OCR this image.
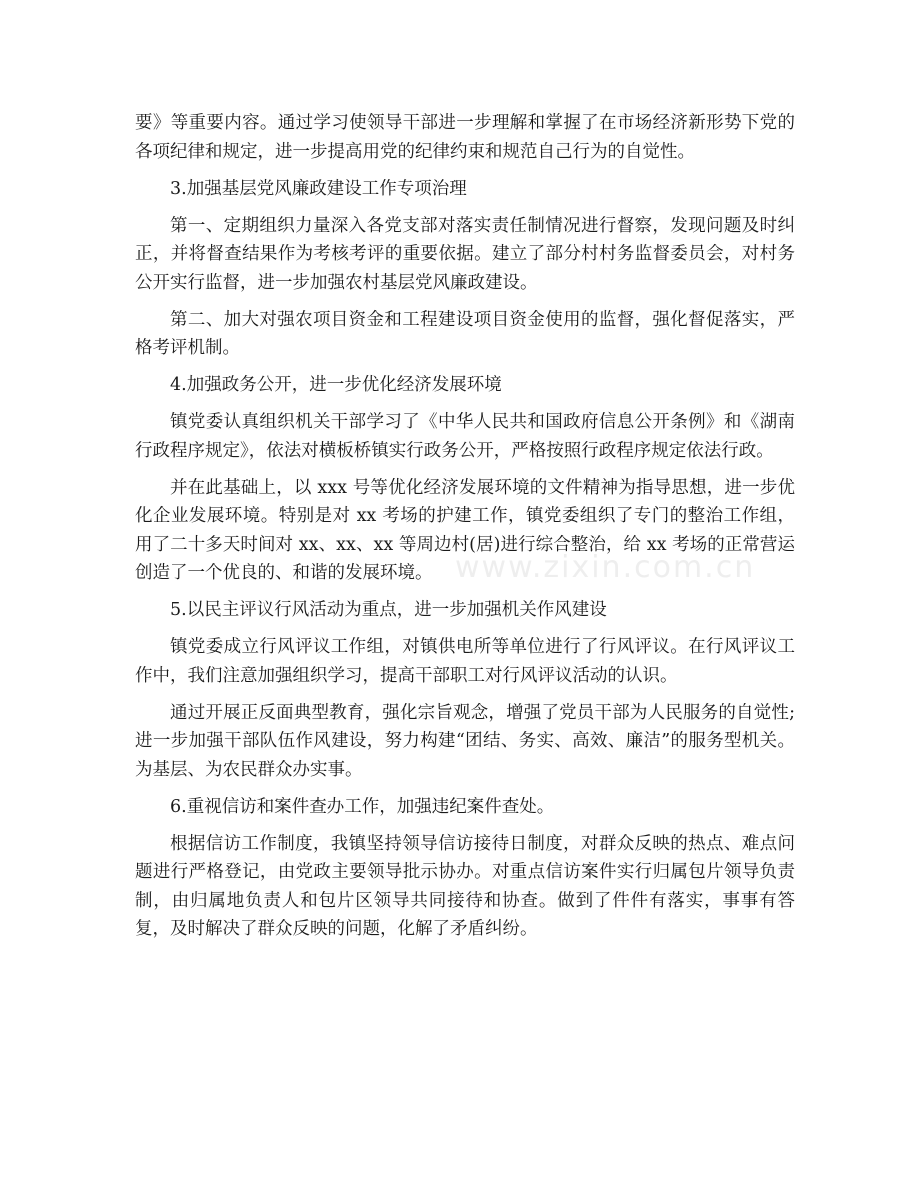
www.zixin.com.cn

要》等重要内容。通过学习使领导干部进一步理解和掌握了在市场经济新形势下党的各项纪律和规定，进一步提高用党的纪律约束和规范自己行为的自觉性。

3.加强基层党风廉政建设工作专项治理

第一、定期组织力量深入各党支部对落实责任制情况进行督察，发现问题及时纠正，并将督查结果作为考核考评的重要依据。建立了部分村村务监督委员会，对村务公开实行监督，进一步加强农村基层党风廉政建设。

第二、加大对强农项目资金和工程建设项目资金使用的监督，强化督促落实，严格考评机制。

4.加强政务公开，进一步优化经济发展环境

镇党委认真组织机关干部学习了《中华人民共和国政府信息公开条例》和《湖南行政程序规定》，依法对横板桥镇实行政务公开，严格按照行政程序规定依法行政。

并在此基础上，以 xxx 号等优化经济发展环境的文件精神为指导思想，进一步优化企业发展环境。特别是对 xx 考场的护建工作，镇党委组织了专门的整治工作组，用了二十多天时间对 xx、xx、xx 等周边村(居)进行综合整治，给 xx 考场的正常营运创造了一个优良的、和谐的发展环境。

5.以民主评议行风活动为重点，进一步加强机关作风建设

镇党委成立行风评议工作组，对镇供电所等单位进行了行风评议。在行风评议工作中，我们注意加强组织学习，提高干部职工对行风评议活动的认识。

通过开展正反面典型教育，强化宗旨观念，增强了党员干部为人民服务的自觉性;进一步加强干部队伍作风建设，努力构建“团结、务实、高效、廉洁”的服务型机关。为基层、为农民群众办实事。

6.重视信访和案件查办工作，加强违纪案件查处。

根据信访工作制度，我镇坚持领导信访接待日制度，对群众反映的热点、难点问题进行严格登记，由党政主要领导批示协办。对重点信访案件实行归属包片领导负责制，由归属地负责人和包片区领导共同接待和协查。做到了件件有落实，事事有答复，及时解决了群众反映的问题，化解了矛盾纠纷。
